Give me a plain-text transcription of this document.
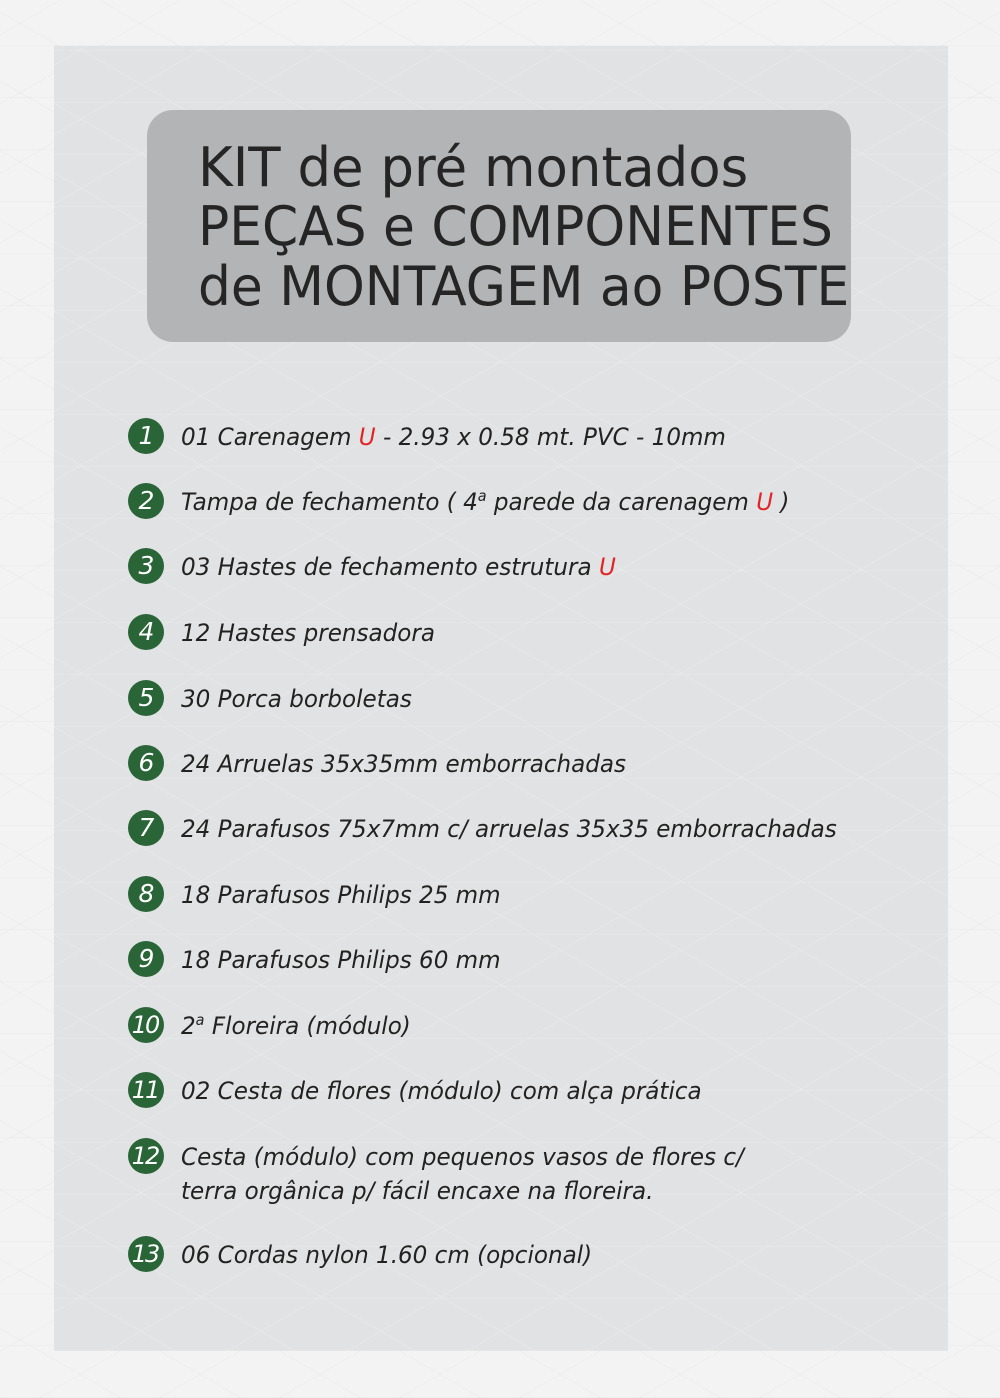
KIT de pré montados
PEÇAS e COMPONENTES
de MONTAGEM ao POSTE
1	01 Carenagem U - 2.93 x 0.58 mt. PVC - 10mm

2	Tampa de fechamento ( 4$^a$ parede da carenagem U )

3	03 Hastes de fechamento estrutura U

4	12 Hastes prensadora

5	30 Porca borboletas

6	24 Arruelas 35x35mm emborrachadas

7	24 Parafusos 75x7mm c/ arruelas 35x35 emborrachadas

8	18 Parafusos Philips 25 mm

9	18 Parafusos Philips 60 mm

10 2$^a$ Floreira (módulo)

11 02 Cesta de flores (módulo) com alça prática

12 Cesta (módulo) com pequenos vasos de flores c/
terra orgânica p/ fácil encaxe na floreira.

13 06 Cordas nylon 1.60 cm (opcional)
